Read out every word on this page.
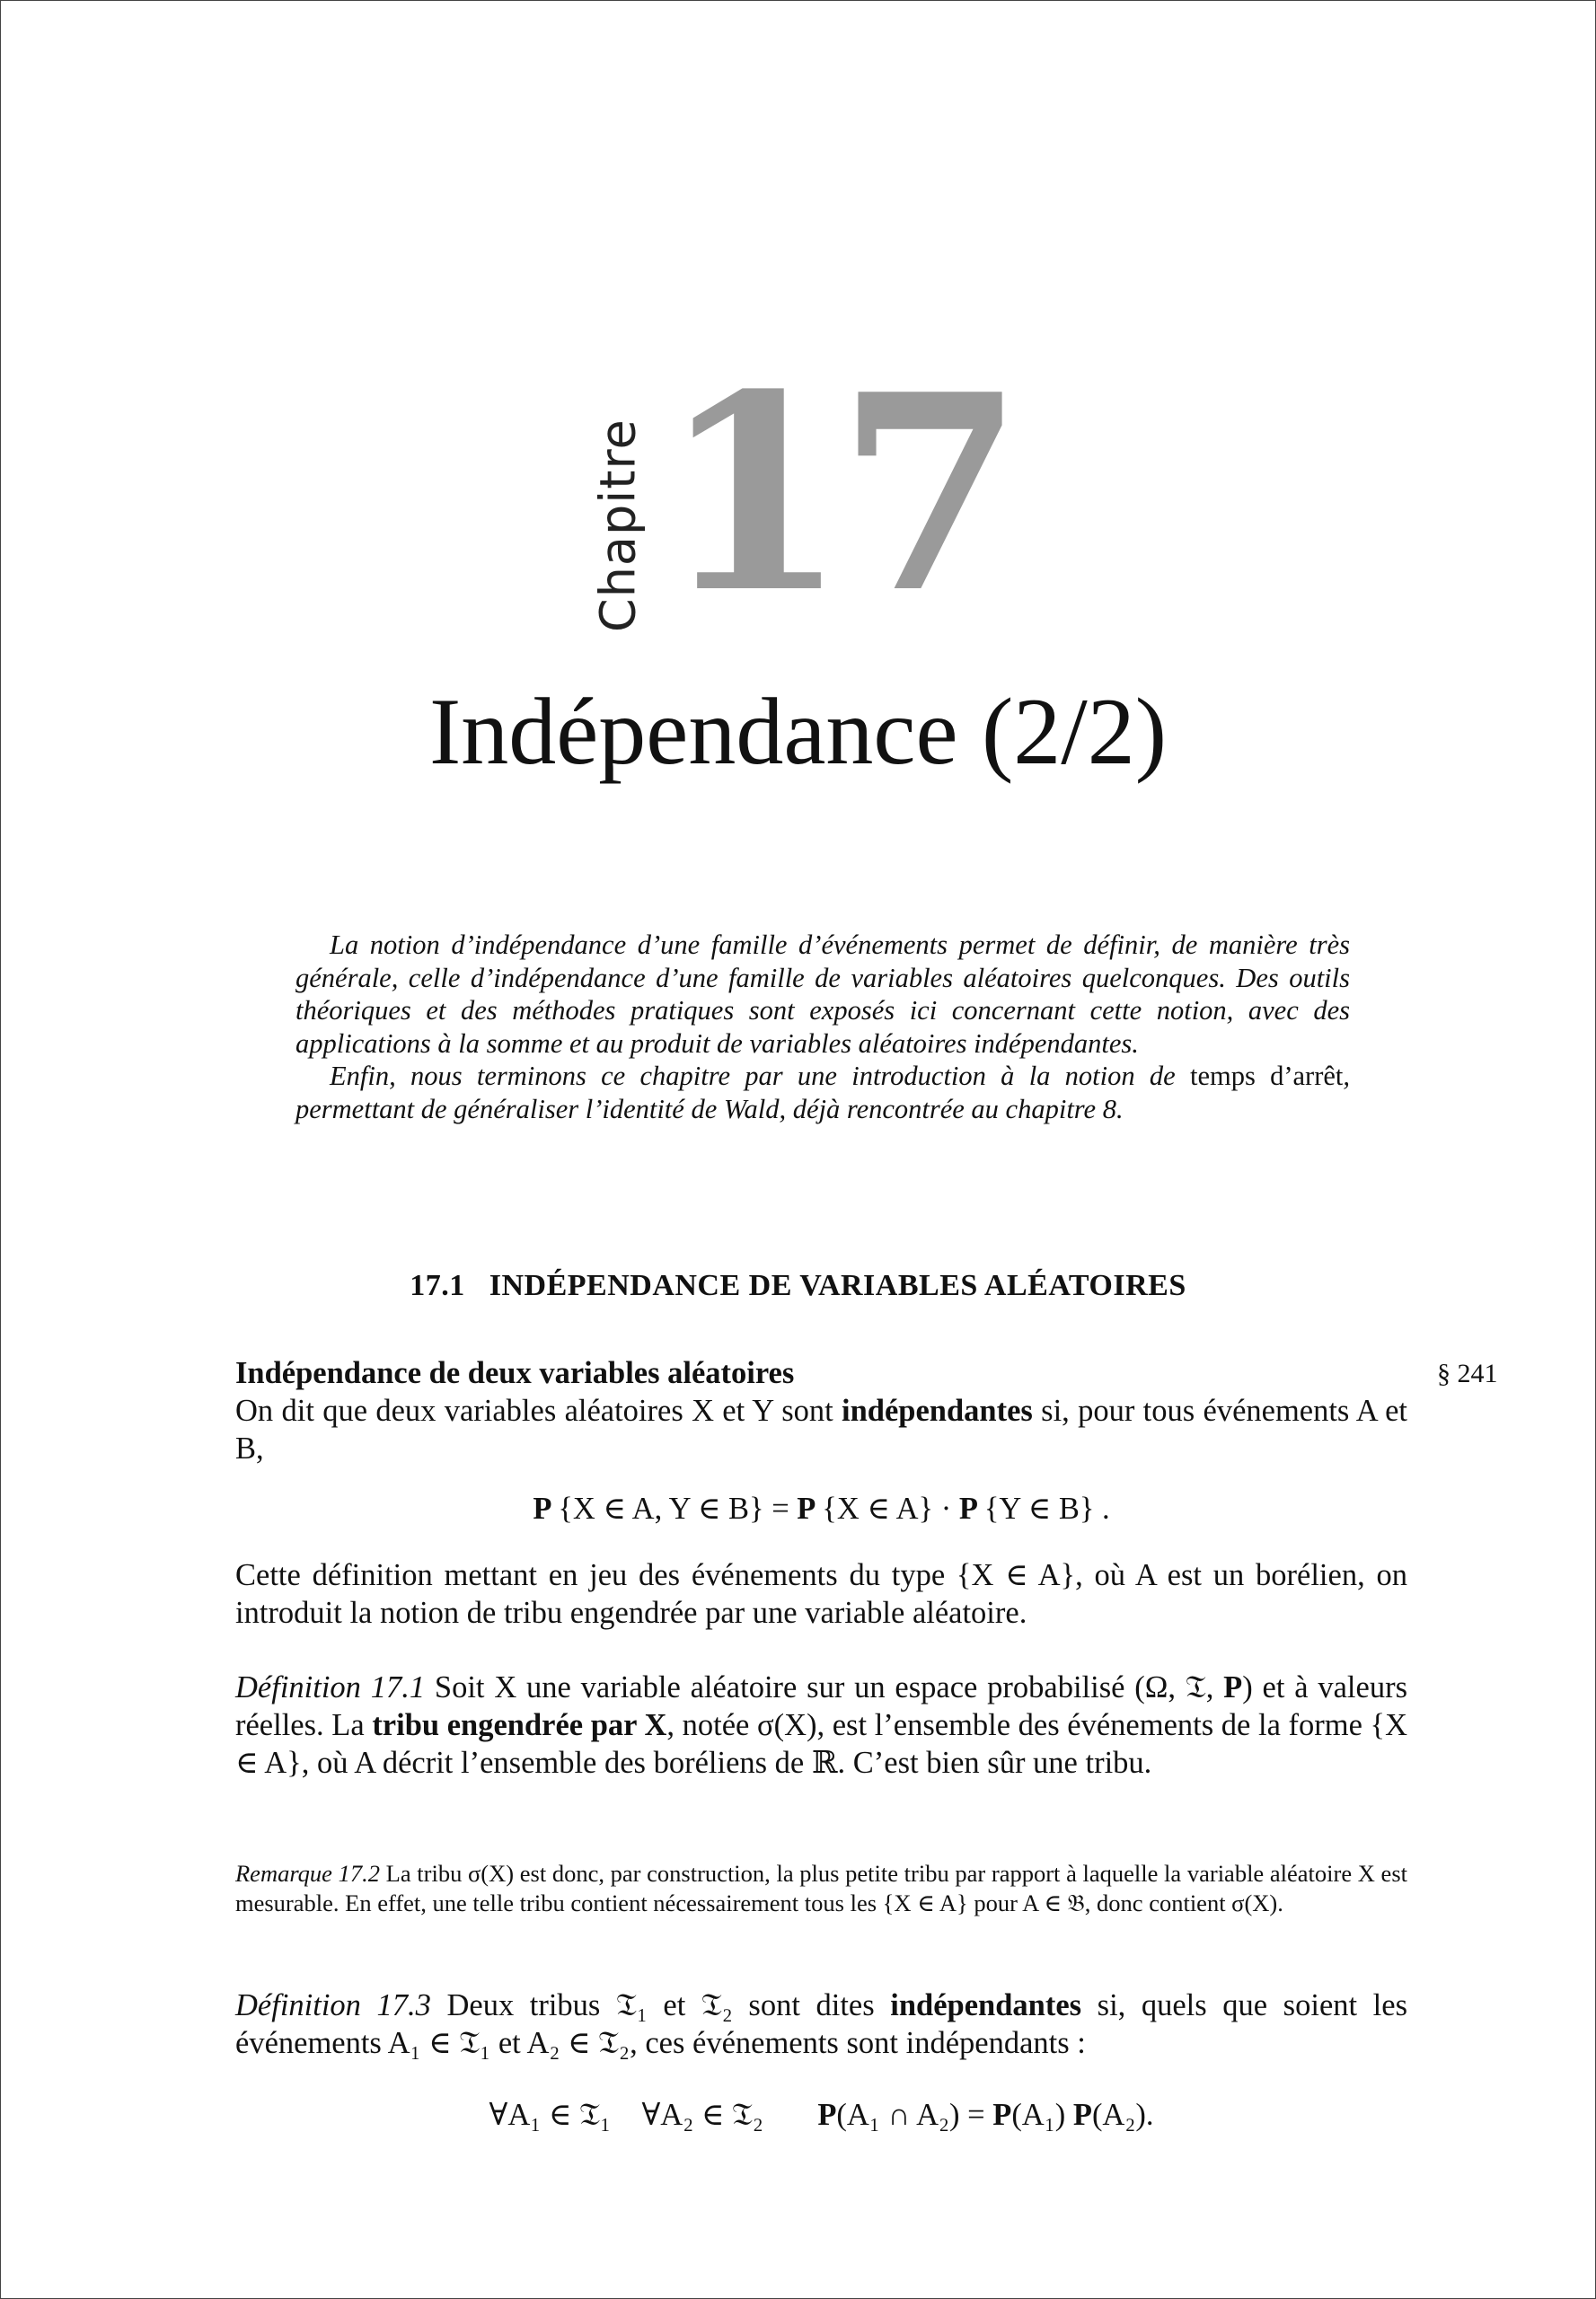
Chapitre 17
Indépendance (2/2)

La notion d’indépendance d’une famille d’événements permet de définir, de manière très générale, celle d’indépendance d’une famille de variables aléatoires quelconques. Des outils théoriques et des méthodes pratiques sont exposés ici concernant cette notion, avec des applications à la somme et au produit de variables aléatoires indépendantes.

Enfin, nous terminons ce chapitre par une introduction à la notion de temps d’arrêt, permettant de généraliser l’identité de Wald, déjà rencontrée au chapitre 8.

17.1 INDÉPENDANCE DE VARIABLES ALÉATOIRES
§ 241

Indépendance de deux variables aléatoires

On dit que deux variables aléatoires X et Y sont indépendantes si, pour tous événements A et B,

P  {X ∈ A, Y ∈ B} = P  {X ∈ A} · P  {Y ∈ B} .

Cette définition mettant en jeu des événements du type {X ∈ A}, où A est un borélien, on introduit la notion de tribu engendrée par une variable aléatoire.

Définition 17.1 Soit X une variable aléatoire sur un espace probabilisé (Ω, 𝔗, P) et à valeurs réelles. La tribu engendrée par X, notée σ(X), est l’ensemble des événements de la forme {X ∈ A}, où A décrit l’ensemble des boréliens de ℝ. C’est bien sûr une tribu.

Remarque 17.2 La tribu σ(X) est donc, par construction, la plus petite tribu par rapport à laquelle la variable aléatoire X est mesurable. En effet, une telle tribu contient nécessairement tous les {X ∈ A} pour A ∈ 𝔅, donc contient σ(X).

Définition 17.3 Deux tribus 𝔗₁ et 𝔗₂ sont dites indépendantes si, quels que soient les événements A₁ ∈ 𝔗₁ et A₂ ∈ 𝔗₂, ces événements sont indépendants :

∀A₁ ∈ 𝔗₁    ∀A₂ ∈ 𝔗₂ P(A₁ ∩ A₂) = P(A₁) P(A₂).
